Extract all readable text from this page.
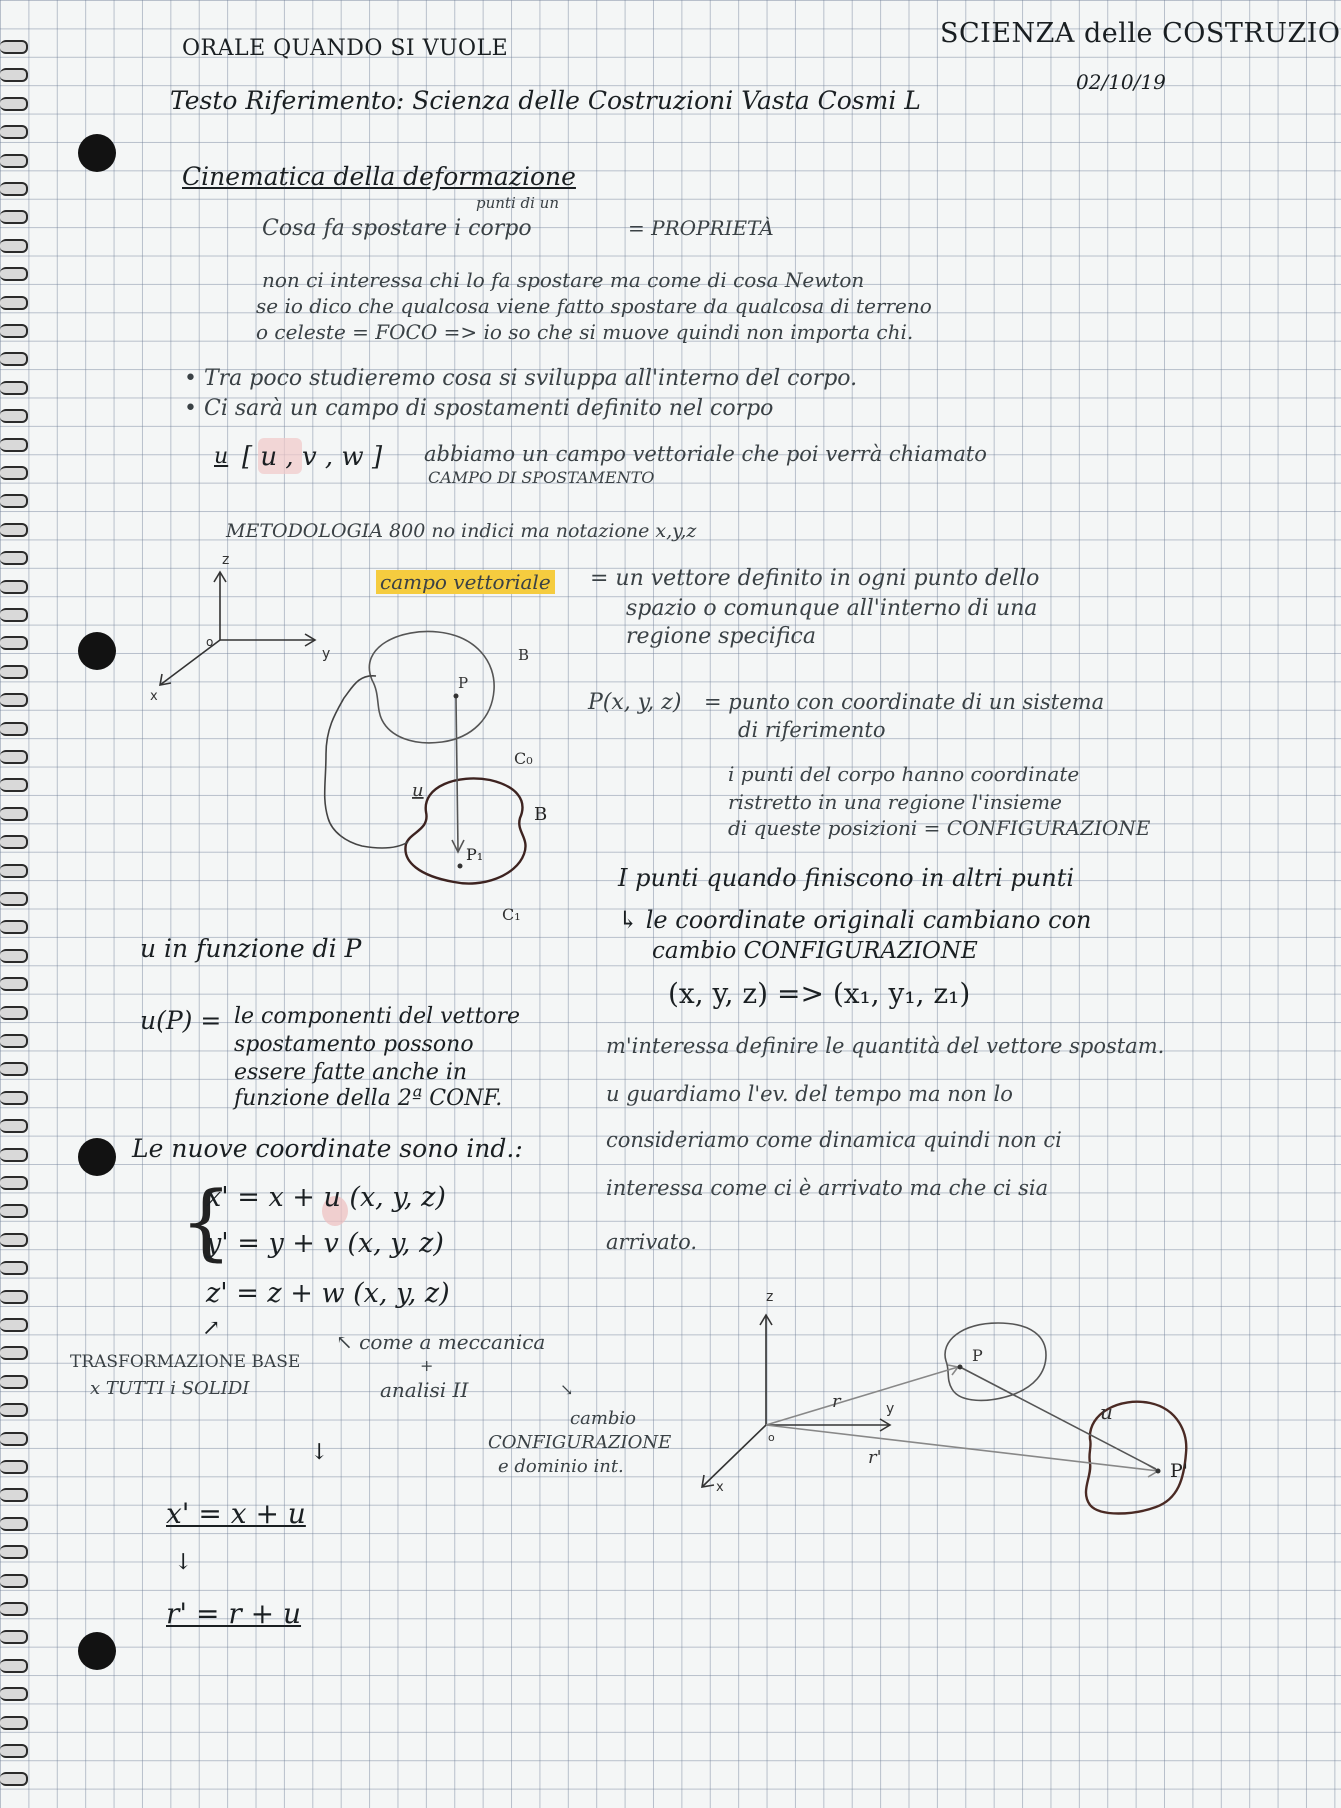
ORALE QUANDO SI VUOLE	SCIENZA delle COSTRUZIO
02/10/19
Testo Riferimento: Scienza delle Costruzioni Vasta Cosmi L
Cinematica della deformazione
punti di un
Cosa fa spostare i corpo	= PROPRIETÀ
non ci interessa chi lo fa spostare ma come di cosa Newton
se io dico che qualcosa viene fatto spostare da qualcosa di terreno
o celeste = FOCO => io so che si muove quindi non importa chi.
• Tra poco studieremo cosa si sviluppa all'interno del corpo.
• Ci sarà un campo di spostamenti definito nel corpo
u [ u , v , w ] abbiamo un campo vettoriale che poi verrà chiamato
CAMPO DI SPOSTAMENTO
METODOLOGIA 800 no indici ma notazione x,y,z
campo vettoriale = un vettore definito in ogni punto dello
spazio o comunque all'interno di una
regione specifica
P(x, y, z) = punto con coordinate di un sistema
di riferimento
i punti del corpo hanno coordinate
ristretto in una regione l'insieme
di queste posizioni = CONFIGURAZIONE
I punti quando finiscono in altri punti
↳ le coordinate originali cambiano con
cambio CONFIGURAZIONE
(x, y, z) => (x₁, y₁, z₁)
m'interessa definire le quantità del vettore spostam.
u guardiamo l'ev. del tempo ma non lo
consideriamo come dinamica quindi non ci
interessa come ci è arrivato ma che ci sia
arrivato.
u in funzione di P
u(P) = le componenti del vettore
spostamento possono
essere fatte anche in
funzione della 2ª CONF.
Le nuove coordinate sono ind.:
{
x' = x + u (x, y, z)
y' = y + v (x, y, z)
z' = z + w (x, y, z)
↗
TRASFORMAZIONE BASE
x TUTTI i SOLIDI
↖ come a meccanica
+
analisi II	↘
cambio
CONFIGURAZIONE
e dominio int.
↓
x' = x + u
↓
r' = r + u
z
y
x
o
P
P₁
B
B
C₀
C₁
u
z
y
x
o
P
P'
r
r'
u
